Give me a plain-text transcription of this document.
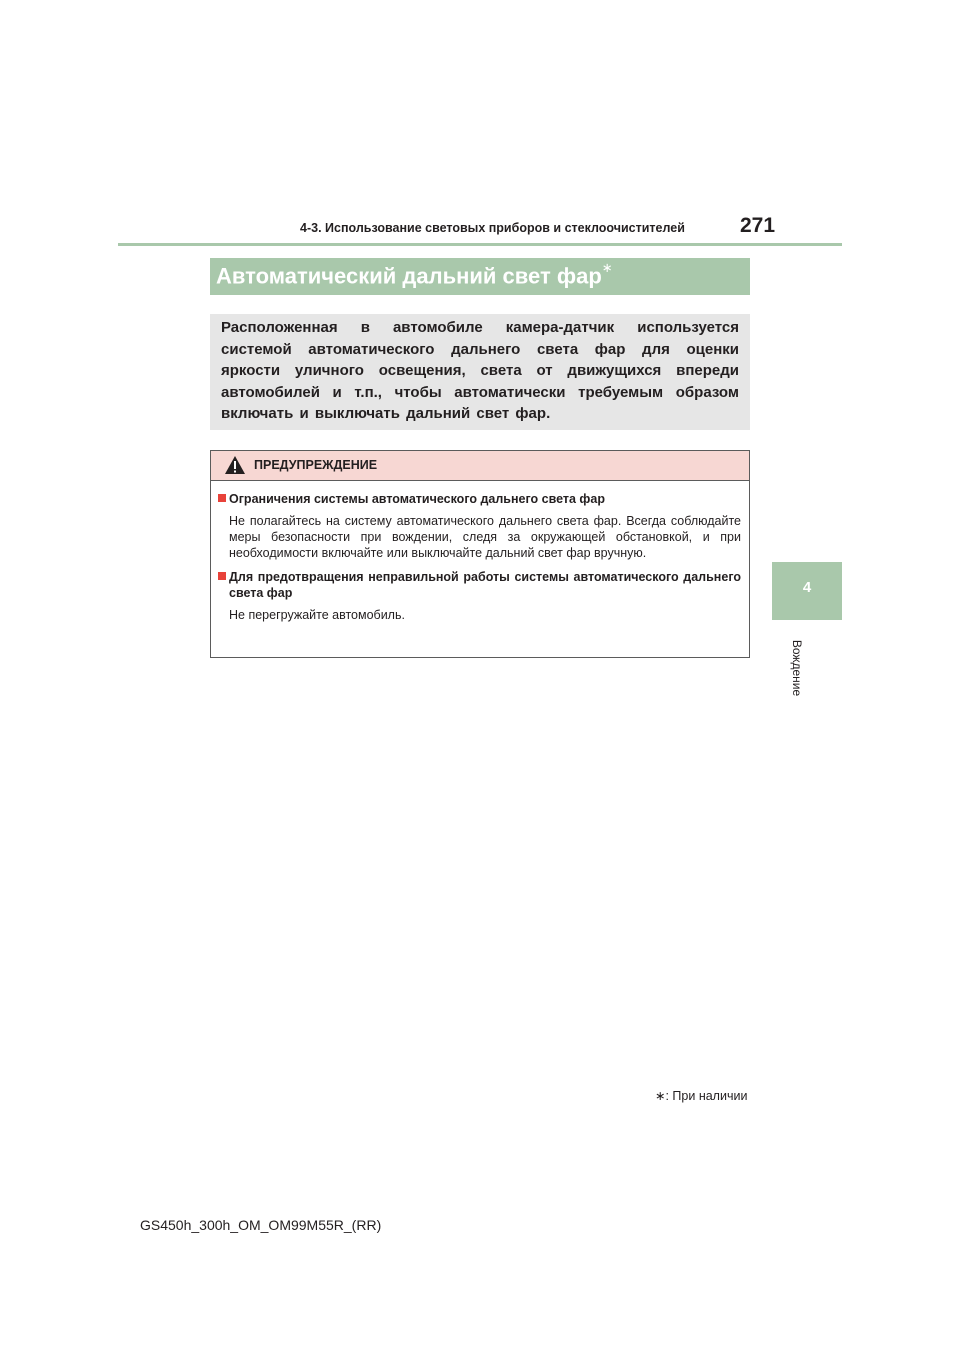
4-3. Использование световых приборов и стеклоочистителей	271
4
Вождение
Автоматический дальний свет фар∗
Расположенная в автомобиле камера-датчик используется системой автоматического дальнего света фар для оценки яркости уличного освещения, света от движущихся впереди автомобилей и т.п., чтобы автоматически требуемым образом включать и выключать дальний свет фар.
ПРЕДУПРЕЖДЕНИЕ
Ограничения системы автоматического дальнего света фар
Не полагайтесь на систему автоматического дальнего света фар. Всегда соблюдайте меры безопасности при вождении, следя за окружающей обстановкой, и при необходимости включайте или выключайте дальний свет фар вручную.
Для предотвращения неправильной работы системы автоматического дальнего света фар
Не перегружайте автомобиль.
∗: При наличии
GS450h_300h_OM_OM99M55R_(RR)
